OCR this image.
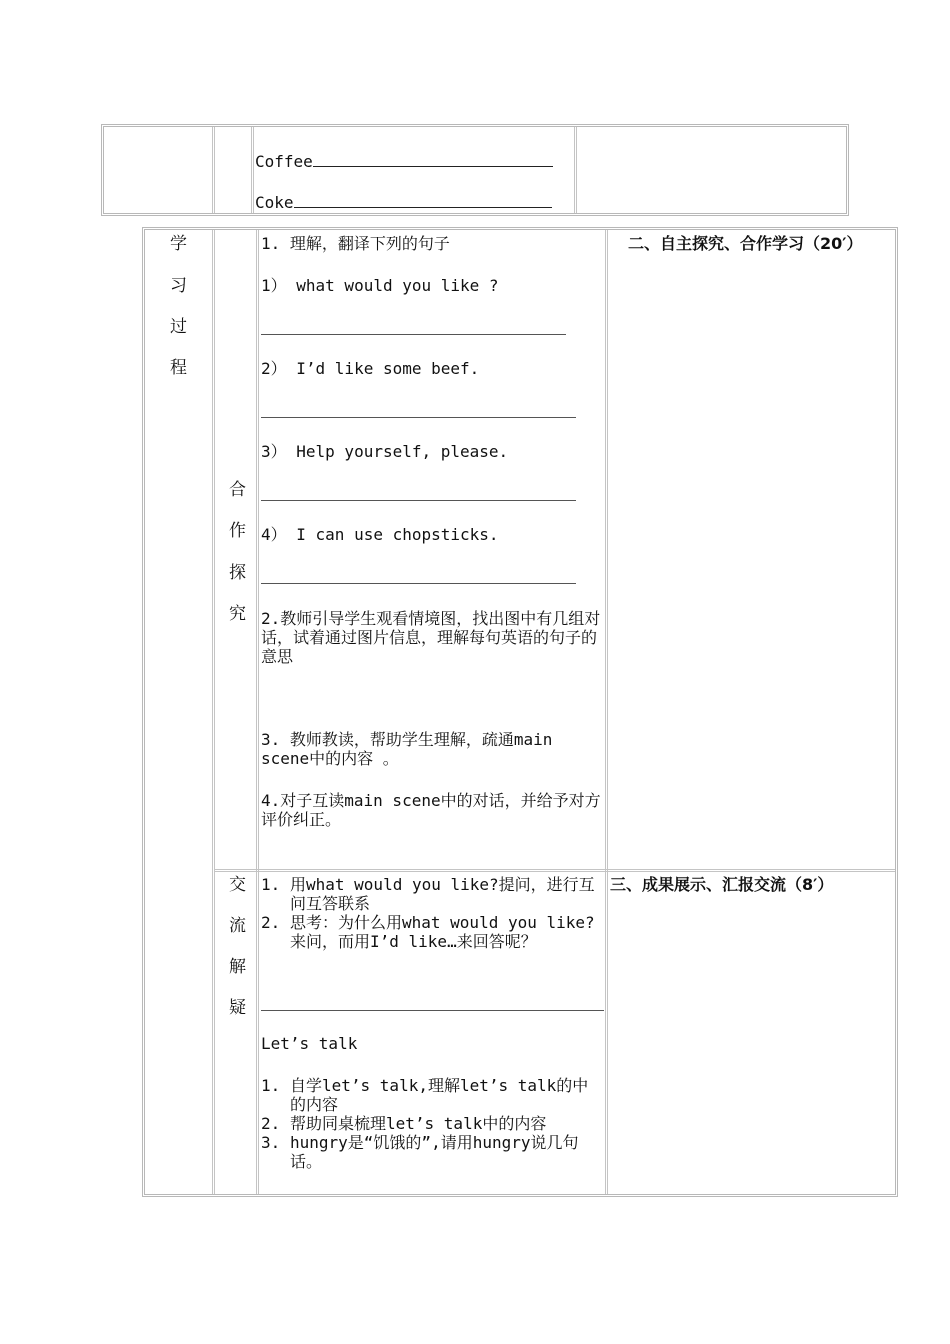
Coffee
Coke
学
习
过
程
合
作
探
究
1. 理解，翻译下列的句子
1） what would you like ?
2） I’d like some beef.
3） Help yourself, please.
4） I can use chopsticks.
2.教师引导学生观看情境图，找出图中有几组对话，试着通过图片信息，理解每句英语的句子的意思
3. 教师教读，帮助学生理解，疏通main scene中的内容 。
4.对子互读main scene中的对话，并给予对方评价纠正。
二、自主探究、合作学习（20′）
交
流
解
疑
1. 用what would you like?提问，进行互问互答联系
2. 思考：为什么用what would you like?来问，而用I’d like…来回答呢？
Let’s talk
1. 自学let’s talk,理解let’s talk的中的内容
2. 帮助同桌梳理let’s talk中的内容
3. hungry是“饥饿的”,请用hungry说几句话。
三、成果展示、汇报交流（8′）
